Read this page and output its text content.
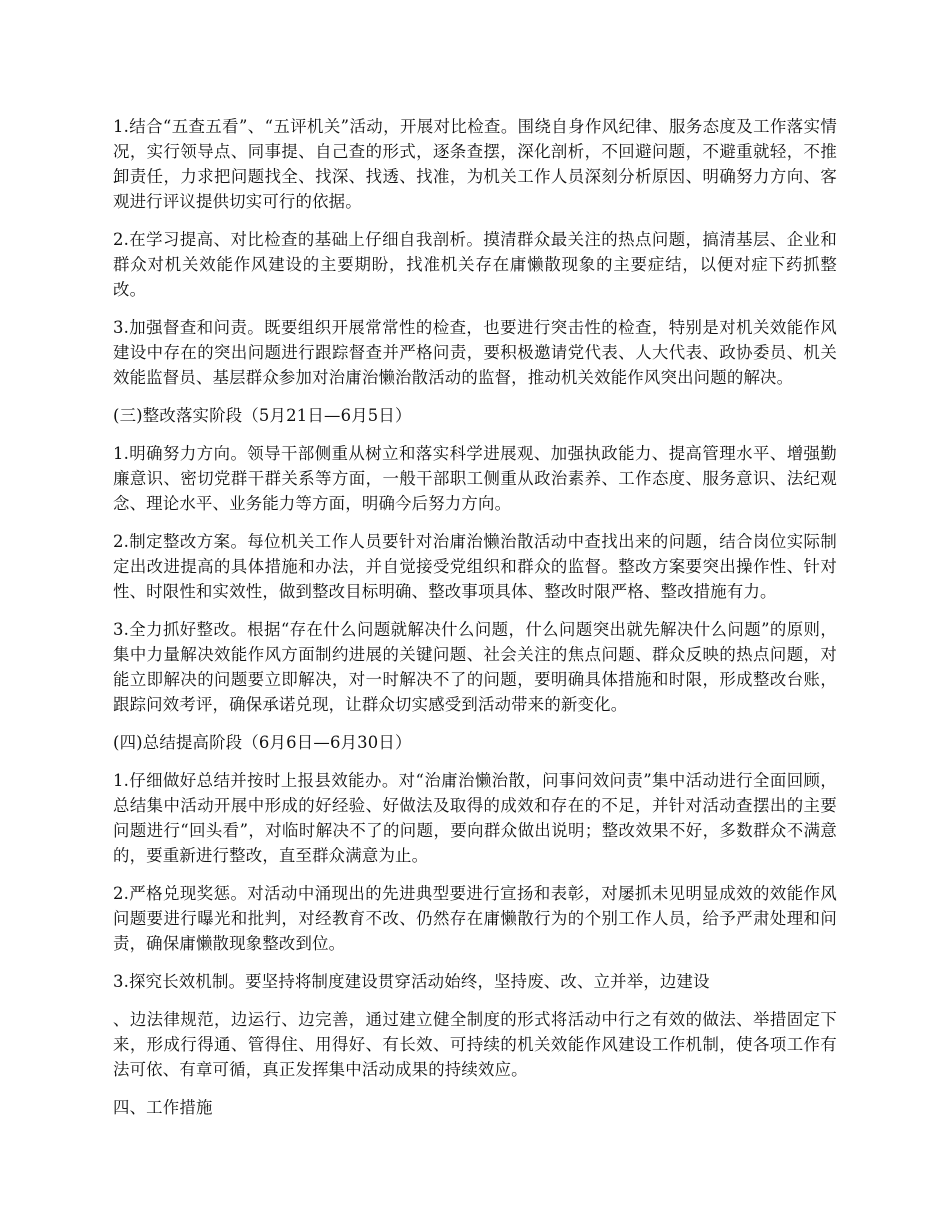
1.结合“五查五看”、“五评机关”活动，开展对比检查。围绕自身作风纪律、服务态度及工作落实情况，实行领导点、同事提、自己查的形式，逐条查摆，深化剖析，不回避问题，不避重就轻，不推卸责任，力求把问题找全、找深、找透、找准，为机关工作人员深刻分析原因、明确努力方向、客观进行评议提供切实可行的依据。

2.在学习提高、对比检查的基础上仔细自我剖析。摸清群众最关注的热点问题，搞清基层、企业和群众对机关效能作风建设的主要期盼，找准机关存在庸懒散现象的主要症结，以便对症下药抓整改。

3.加强督查和问责。既要组织开展常常性的检查，也要进行突击性的检查，特别是对机关效能作风建设中存在的突出问题进行跟踪督查并严格问责，要积极邀请党代表、人大代表、政协委员、机关效能监督员、基层群众参加对治庸治懒治散活动的监督，推动机关效能作风突出问题的解决。

(三)整改落实阶段（5月21日—6月5日）

1.明确努力方向。领导干部侧重从树立和落实科学进展观、加强执政能力、提高管理水平、增强勤廉意识、密切党群干群关系等方面，一般干部职工侧重从政治素养、工作态度、服务意识、法纪观念、理论水平、业务能力等方面，明确今后努力方向。

2.制定整改方案。每位机关工作人员要针对治庸治懒治散活动中查找出来的问题，结合岗位实际制定出改进提高的具体措施和办法，并自觉接受党组织和群众的监督。整改方案要突出操作性、针对性、时限性和实效性，做到整改目标明确、整改事项具体、整改时限严格、整改措施有力。

3.全力抓好整改。根据“存在什么问题就解决什么问题，什么问题突出就先解决什么问题”的原则，集中力量解决效能作风方面制约进展的关键问题、社会关注的焦点问题、群众反映的热点问题，对能立即解决的问题要立即解决，对一时解决不了的问题，要明确具体措施和时限，形成整改台账，跟踪问效考评，确保承诺兑现，让群众切实感受到活动带来的新变化。

(四)总结提高阶段（6月6日—6月30日）

1.仔细做好总结并按时上报县效能办。对“治庸治懒治散，问事问效问责”集中活动进行全面回顾，总结集中活动开展中形成的好经验、好做法及取得的成效和存在的不足，并针对活动查摆出的主要问题进行“回头看”，对临时解决不了的问题，要向群众做出说明；整改效果不好，多数群众不满意的，要重新进行整改，直至群众满意为止。

2.严格兑现奖惩。对活动中涌现出的先进典型要进行宣扬和表彰，对屡抓未见明显成效的效能作风问题要进行曝光和批判，对经教育不改、仍然存在庸懒散行为的个别工作人员，给予严肃处理和问责，确保庸懒散现象整改到位。

3.探究长效机制。要坚持将制度建设贯穿活动始终，坚持废、改、立并举，边建设

、边法律规范，边运行、边完善，通过建立健全制度的形式将活动中行之有效的做法、举措固定下来，形成行得通、管得住、用得好、有长效、可持续的机关效能作风建设工作机制，使各项工作有法可依、有章可循，真正发挥集中活动成果的持续效应。

四、工作措施
